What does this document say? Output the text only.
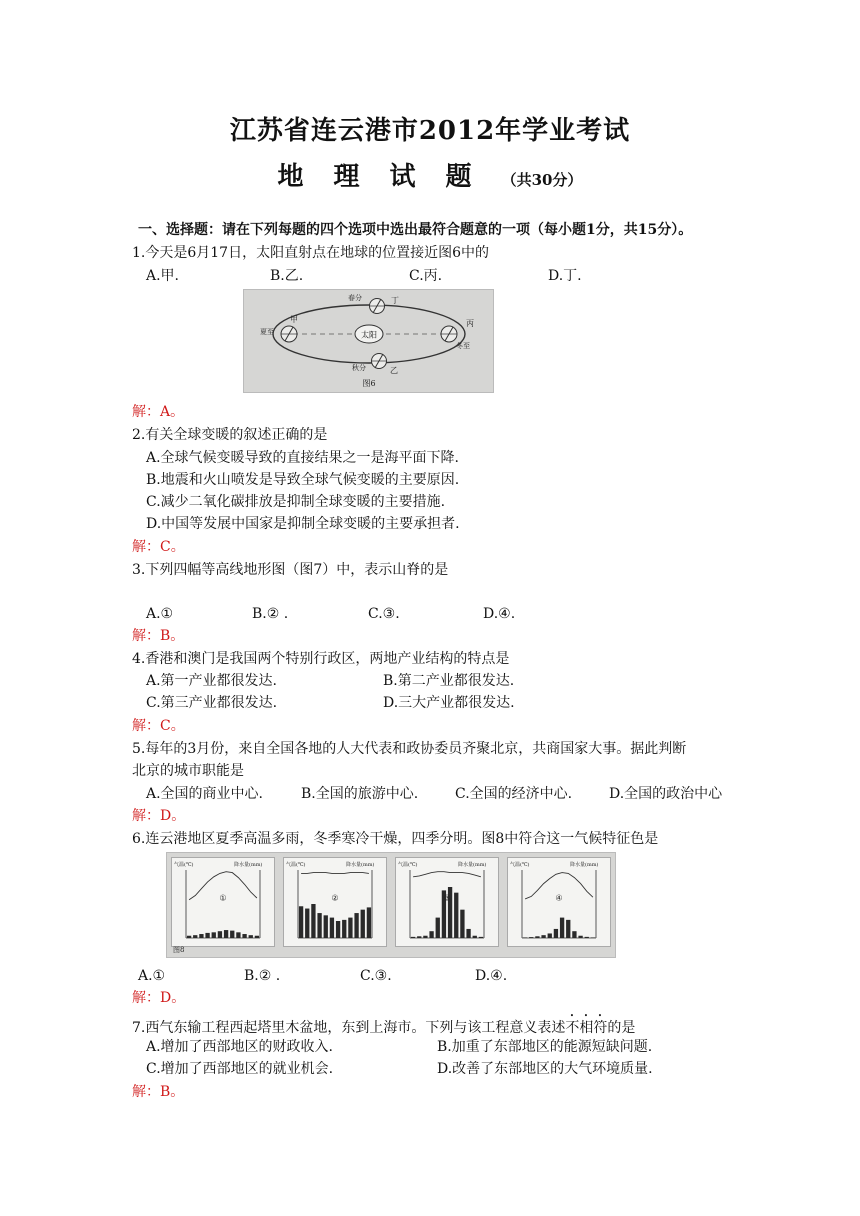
江苏省连云港市2012年学业考试
地理试题（共30分）
一、选择题：请在下列每题的四个选项中选出最符合题意的一项（每小题1分，共15分）。
1.今天是6月17日，太阳直射点在地球的位置接近图6中的
A.甲.	B.乙.	C.丙.	D.丁.
太阳
春分	丁
夏至
甲	丙
冬至
秋分	乙
图6
解：A。
2.有关全球变暖的叙述正确的是
A.全球气候变暖导致的直接结果之一是海平面下降.
B.地震和火山喷发是导致全球气候变暖的主要原因.
C.减少二氧化碳排放是抑制全球变暖的主要措施.
D.中国等发展中国家是抑制全球变暖的主要承担者.
解：C。
3.下列四幅等高线地形图（图7）中，表示山脊的是
A.①	B.② .	C.③.	D.④.
解：B。
4.香港和澳门是我国两个特别行政区，两地产业结构的特点是
A.第一产业都很发达.	B.第二产业都很发达.
C.第三产业都很发达.	D.三大产业都很发达.
解：C。
5.每年的3月份，来自全国各地的人大代表和政协委员齐聚北京，共商国家大事。据此判断
北京的城市职能是
A.全国的商业中心.	B.全国的旅游中心.	C.全国的经济中心.	D.全国的政治中心
解：D。
6.连云港地区夏季高温多雨，冬季寒冷干燥，四季分明。图8中符合这一气候特征色是
气温(℃)	降水量(mm)
①
气温(℃)	降水量(mm)
②
气温(℃)	降水量(mm)
③
气温(℃)	降水量(mm)
④
图8
A.①	B.② .	C.③.	D.④.
解：D。
7.西气东输工程西起塔里木盆地，东到上海市。下列与该工程意义表述不相符的是
A.增加了西部地区的财政收入.	B.加重了东部地区的能源短缺问题.
C.增加了西部地区的就业机会.	D.改善了东部地区的大气环境质量.
解：B。
